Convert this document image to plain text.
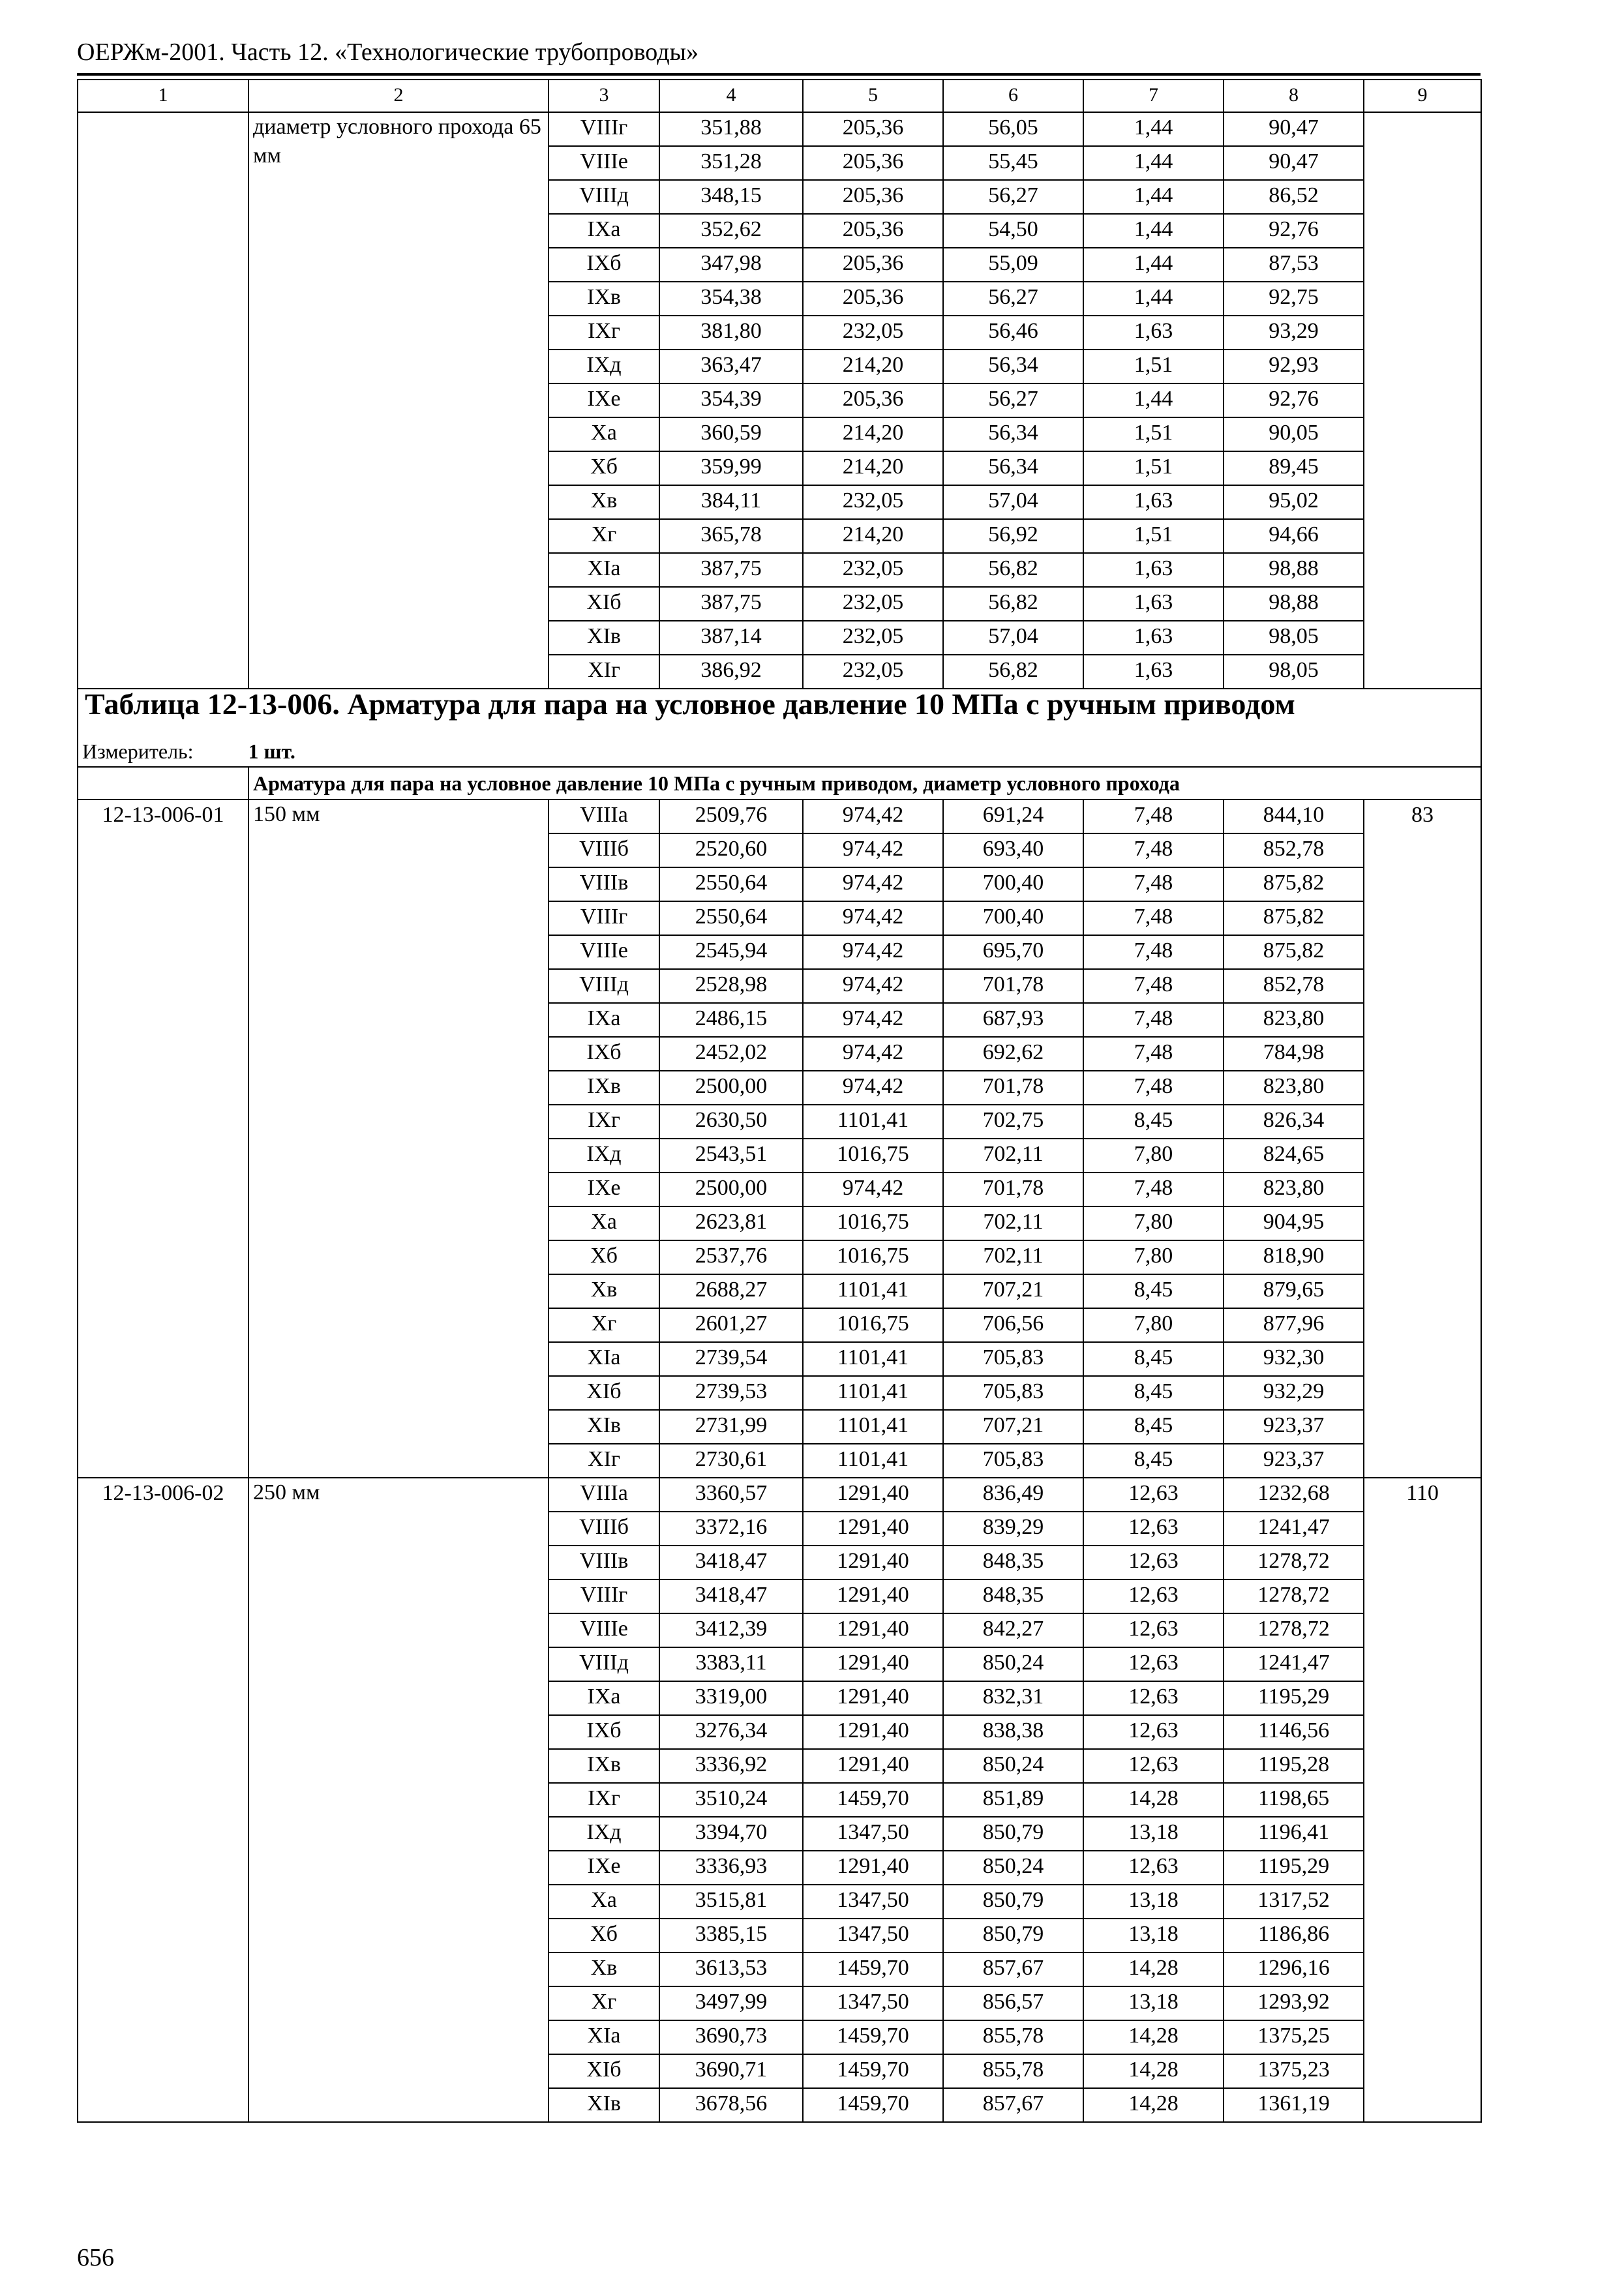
ОЕРЖм-2001. Часть 12. «Технологические трубопроводы»
1	2	3	4	5	6	7	8	9
	диаметр условного прохода 65 мм	VIIIг	351,88	205,36	56,05	1,44	90,47	
		VIIIе	351,28	205,36	55,45	1,44	90,47	
		VIIIд	348,15	205,36	56,27	1,44	86,52	
		IXа	352,62	205,36	54,50	1,44	92,76	
		IXб	347,98	205,36	55,09	1,44	87,53	
		IXв	354,38	205,36	56,27	1,44	92,75	
		IXг	381,80	232,05	56,46	1,63	93,29	
		IXд	363,47	214,20	56,34	1,51	92,93	
		IXе	354,39	205,36	56,27	1,44	92,76	
		Xа	360,59	214,20	56,34	1,51	90,05	
		Xб	359,99	214,20	56,34	1,51	89,45	
		Xв	384,11	232,05	57,04	1,63	95,02	
		Xг	365,78	214,20	56,92	1,51	94,66	
		XIа	387,75	232,05	56,82	1,63	98,88	
		XIб	387,75	232,05	56,82	1,63	98,88	
		XIв	387,14	232,05	57,04	1,63	98,05	
		XIг	386,92	232,05	56,82	1,63	98,05	
Таблица 12-13-006. Арматура для пара на условное давление 10 МПа с ручным приводом								
Измеритель: 1 шт.								
	Арматура для пара на условное давление 10 МПа с ручным приводом, диаметр условного прохода							
12-13-006-01	150 мм	VIIIа	2509,76	974,42	691,24	7,48	844,10	83
		VIIIб	2520,60	974,42	693,40	7,48	852,78	
		VIIIв	2550,64	974,42	700,40	7,48	875,82	
		VIIIг	2550,64	974,42	700,40	7,48	875,82	
		VIIIе	2545,94	974,42	695,70	7,48	875,82	
		VIIIд	2528,98	974,42	701,78	7,48	852,78	
		IXа	2486,15	974,42	687,93	7,48	823,80	
		IXб	2452,02	974,42	692,62	7,48	784,98	
		IXв	2500,00	974,42	701,78	7,48	823,80	
		IXг	2630,50	1101,41	702,75	8,45	826,34	
		IXд	2543,51	1016,75	702,11	7,80	824,65	
		IXе	2500,00	974,42	701,78	7,48	823,80	
		Xа	2623,81	1016,75	702,11	7,80	904,95	
		Xб	2537,76	1016,75	702,11	7,80	818,90	
		Xв	2688,27	1101,41	707,21	8,45	879,65	
		Xг	2601,27	1016,75	706,56	7,80	877,96	
		XIа	2739,54	1101,41	705,83	8,45	932,30	
		XIб	2739,53	1101,41	705,83	8,45	932,29	
		XIв	2731,99	1101,41	707,21	8,45	923,37	
		XIг	2730,61	1101,41	705,83	8,45	923,37	
12-13-006-02	250 мм	VIIIа	3360,57	1291,40	836,49	12,63	1232,68	110
		VIIIб	3372,16	1291,40	839,29	12,63	1241,47	
		VIIIв	3418,47	1291,40	848,35	12,63	1278,72	
		VIIIг	3418,47	1291,40	848,35	12,63	1278,72	
		VIIIе	3412,39	1291,40	842,27	12,63	1278,72	
		VIIIд	3383,11	1291,40	850,24	12,63	1241,47	
		IXа	3319,00	1291,40	832,31	12,63	1195,29	
		IXб	3276,34	1291,40	838,38	12,63	1146,56	
		IXв	3336,92	1291,40	850,24	12,63	1195,28	
		IXг	3510,24	1459,70	851,89	14,28	1198,65	
		IXд	3394,70	1347,50	850,79	13,18	1196,41	
		IXе	3336,93	1291,40	850,24	12,63	1195,29	
		Xа	3515,81	1347,50	850,79	13,18	1317,52	
		Xб	3385,15	1347,50	850,79	13,18	1186,86	
		Xв	3613,53	1459,70	857,67	14,28	1296,16	
		Xг	3497,99	1347,50	856,57	13,18	1293,92	
		XIа	3690,73	1459,70	855,78	14,28	1375,25	
		XIб	3690,71	1459,70	855,78	14,28	1375,23	
		XIв	3678,56	1459,70	857,67	14,28	1361,19	
656
